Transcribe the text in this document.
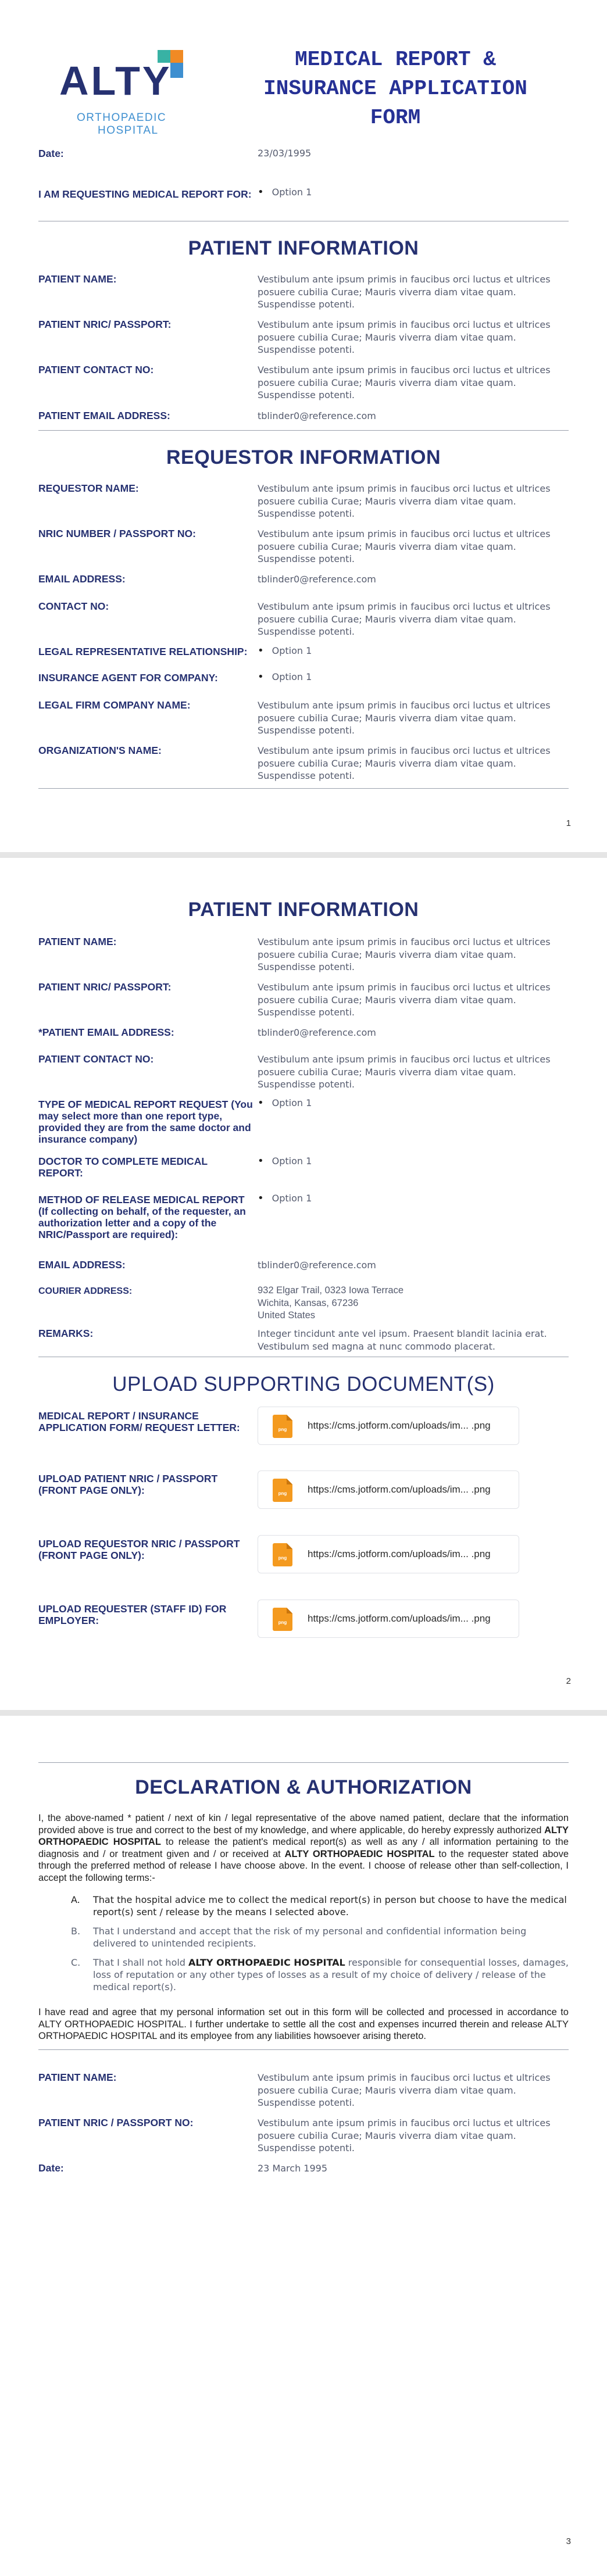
ALTY
ORTHOPAEDIC
HOSPITAL
MEDICAL REPORT &
INSURANCE APPLICATION
FORM
Date:	23/03/1995
I AM REQUESTING MEDICAL REPORT FOR:	• Option 1
PATIENT INFORMATION
PATIENT NAME:	Vestibulum ante ipsum primis in faucibus orci luctus et ultrices posuere cubilia Curae; Mauris viverra diam vitae quam. Suspendisse potenti.
PATIENT NRIC/ PASSPORT:	Vestibulum ante ipsum primis in faucibus orci luctus et ultrices posuere cubilia Curae; Mauris viverra diam vitae quam. Suspendisse potenti.
PATIENT CONTACT NO:	Vestibulum ante ipsum primis in faucibus orci luctus et ultrices posuere cubilia Curae; Mauris viverra diam vitae quam. Suspendisse potenti.
PATIENT EMAIL ADDRESS:	tblinder0@reference.com
REQUESTOR INFORMATION
REQUESTOR NAME:	Vestibulum ante ipsum primis in faucibus orci luctus et ultrices posuere cubilia Curae; Mauris viverra diam vitae quam. Suspendisse potenti.
NRIC NUMBER / PASSPORT NO:	Vestibulum ante ipsum primis in faucibus orci luctus et ultrices posuere cubilia Curae; Mauris viverra diam vitae quam. Suspendisse potenti.
EMAIL ADDRESS:	tblinder0@reference.com
CONTACT NO:	Vestibulum ante ipsum primis in faucibus orci luctus et ultrices posuere cubilia Curae; Mauris viverra diam vitae quam. Suspendisse potenti.
LEGAL REPRESENTATIVE RELATIONSHIP:	• Option 1
INSURANCE AGENT FOR COMPANY:	• Option 1
LEGAL FIRM COMPANY NAME:	Vestibulum ante ipsum primis in faucibus orci luctus et ultrices posuere cubilia Curae; Mauris viverra diam vitae quam. Suspendisse potenti.
ORGANIZATION'S NAME:	Vestibulum ante ipsum primis in faucibus orci luctus et ultrices posuere cubilia Curae; Mauris viverra diam vitae quam. Suspendisse potenti.
1
PATIENT INFORMATION
PATIENT NAME:	Vestibulum ante ipsum primis in faucibus orci luctus et ultrices posuere cubilia Curae; Mauris viverra diam vitae quam. Suspendisse potenti.
PATIENT NRIC/ PASSPORT:	Vestibulum ante ipsum primis in faucibus orci luctus et ultrices posuere cubilia Curae; Mauris viverra diam vitae quam. Suspendisse potenti.
*PATIENT EMAIL ADDRESS:	tblinder0@reference.com
PATIENT CONTACT NO:	Vestibulum ante ipsum primis in faucibus orci luctus et ultrices posuere cubilia Curae; Mauris viverra diam vitae quam. Suspendisse potenti.
TYPE OF MEDICAL REPORT REQUEST (You may select more than one report type, provided they are from the same doctor and insurance company)
• Option 1
DOCTOR TO COMPLETE MEDICAL REPORT:
• Option 1
METHOD OF RELEASE MEDICAL REPORT (If collecting on behalf, of the requester, an authorization letter and a copy of the NRIC/Passport are required):
• Option 1
EMAIL ADDRESS:	tblinder0@reference.com
COURIER ADDRESS:	932 Elgar Trail, 0323 Iowa Terrace
Wichita, Kansas, 67236
United States
REMARKS:	Integer tincidunt ante vel ipsum. Praesent blandit lacinia erat. Vestibulum sed magna at nunc commodo placerat.
UPLOAD SUPPORTING DOCUMENT(S)
MEDICAL REPORT / INSURANCE APPLICATION FORM/ REQUEST LETTER:	png https://cms.jotform.com/uploads/im... .png
UPLOAD PATIENT NRIC / PASSPORT (FRONT PAGE ONLY):	png https://cms.jotform.com/uploads/im... .png
UPLOAD REQUESTOR NRIC / PASSPORT (FRONT PAGE ONLY):	png https://cms.jotform.com/uploads/im... .png
UPLOAD REQUESTER (STAFF ID) FOR EMPLOYER:	png https://cms.jotform.com/uploads/im... .png
2
DECLARATION & AUTHORIZATION
I, the above-named * patient / next of kin / legal representative of the above named patient, declare that the information provided above is true and correct to the best of my knowledge, and where applicable, do hereby expressly authorized ALTY ORTHOPAEDIC HOSPITAL to release the patient's medical report(s) as well as any / all information pertaining to the diagnosis and / or treatment given and / or received at ALTY ORTHOPAEDIC HOSPITAL to the requester stated above through the preferred method of release I have choose above. In the event. I choose of release other than self-collection, I accept the following terms:-
A. That the hospital advice me to collect the medical report(s) in person but choose to have the medical report(s) sent / release by the means I selected above.
B. That I understand and accept that the risk of my personal and confidential information being delivered to unintended recipients.
C. That I shall not hold ALTY ORTHOPAEDIC HOSPITAL responsible for consequential losses, damages, loss of reputation or any other types of losses as a result of my choice of delivery / release of the medical report(s).
I have read and agree that my personal information set out in this form will be collected and processed in accordance to ALTY ORTHOPAEDIC HOSPITAL. I further undertake to settle all the cost and expenses incurred therein and release ALTY ORTHOPAEDIC HOSPITAL and its employee from any liabilities howsoever arising thereto.
PATIENT NAME:	Vestibulum ante ipsum primis in faucibus orci luctus et ultrices posuere cubilia Curae; Mauris viverra diam vitae quam. Suspendisse potenti.
PATIENT NRIC / PASSPORT NO:	Vestibulum ante ipsum primis in faucibus orci luctus et ultrices posuere cubilia Curae; Mauris viverra diam vitae quam. Suspendisse potenti.
Date:	23 March 1995
3
